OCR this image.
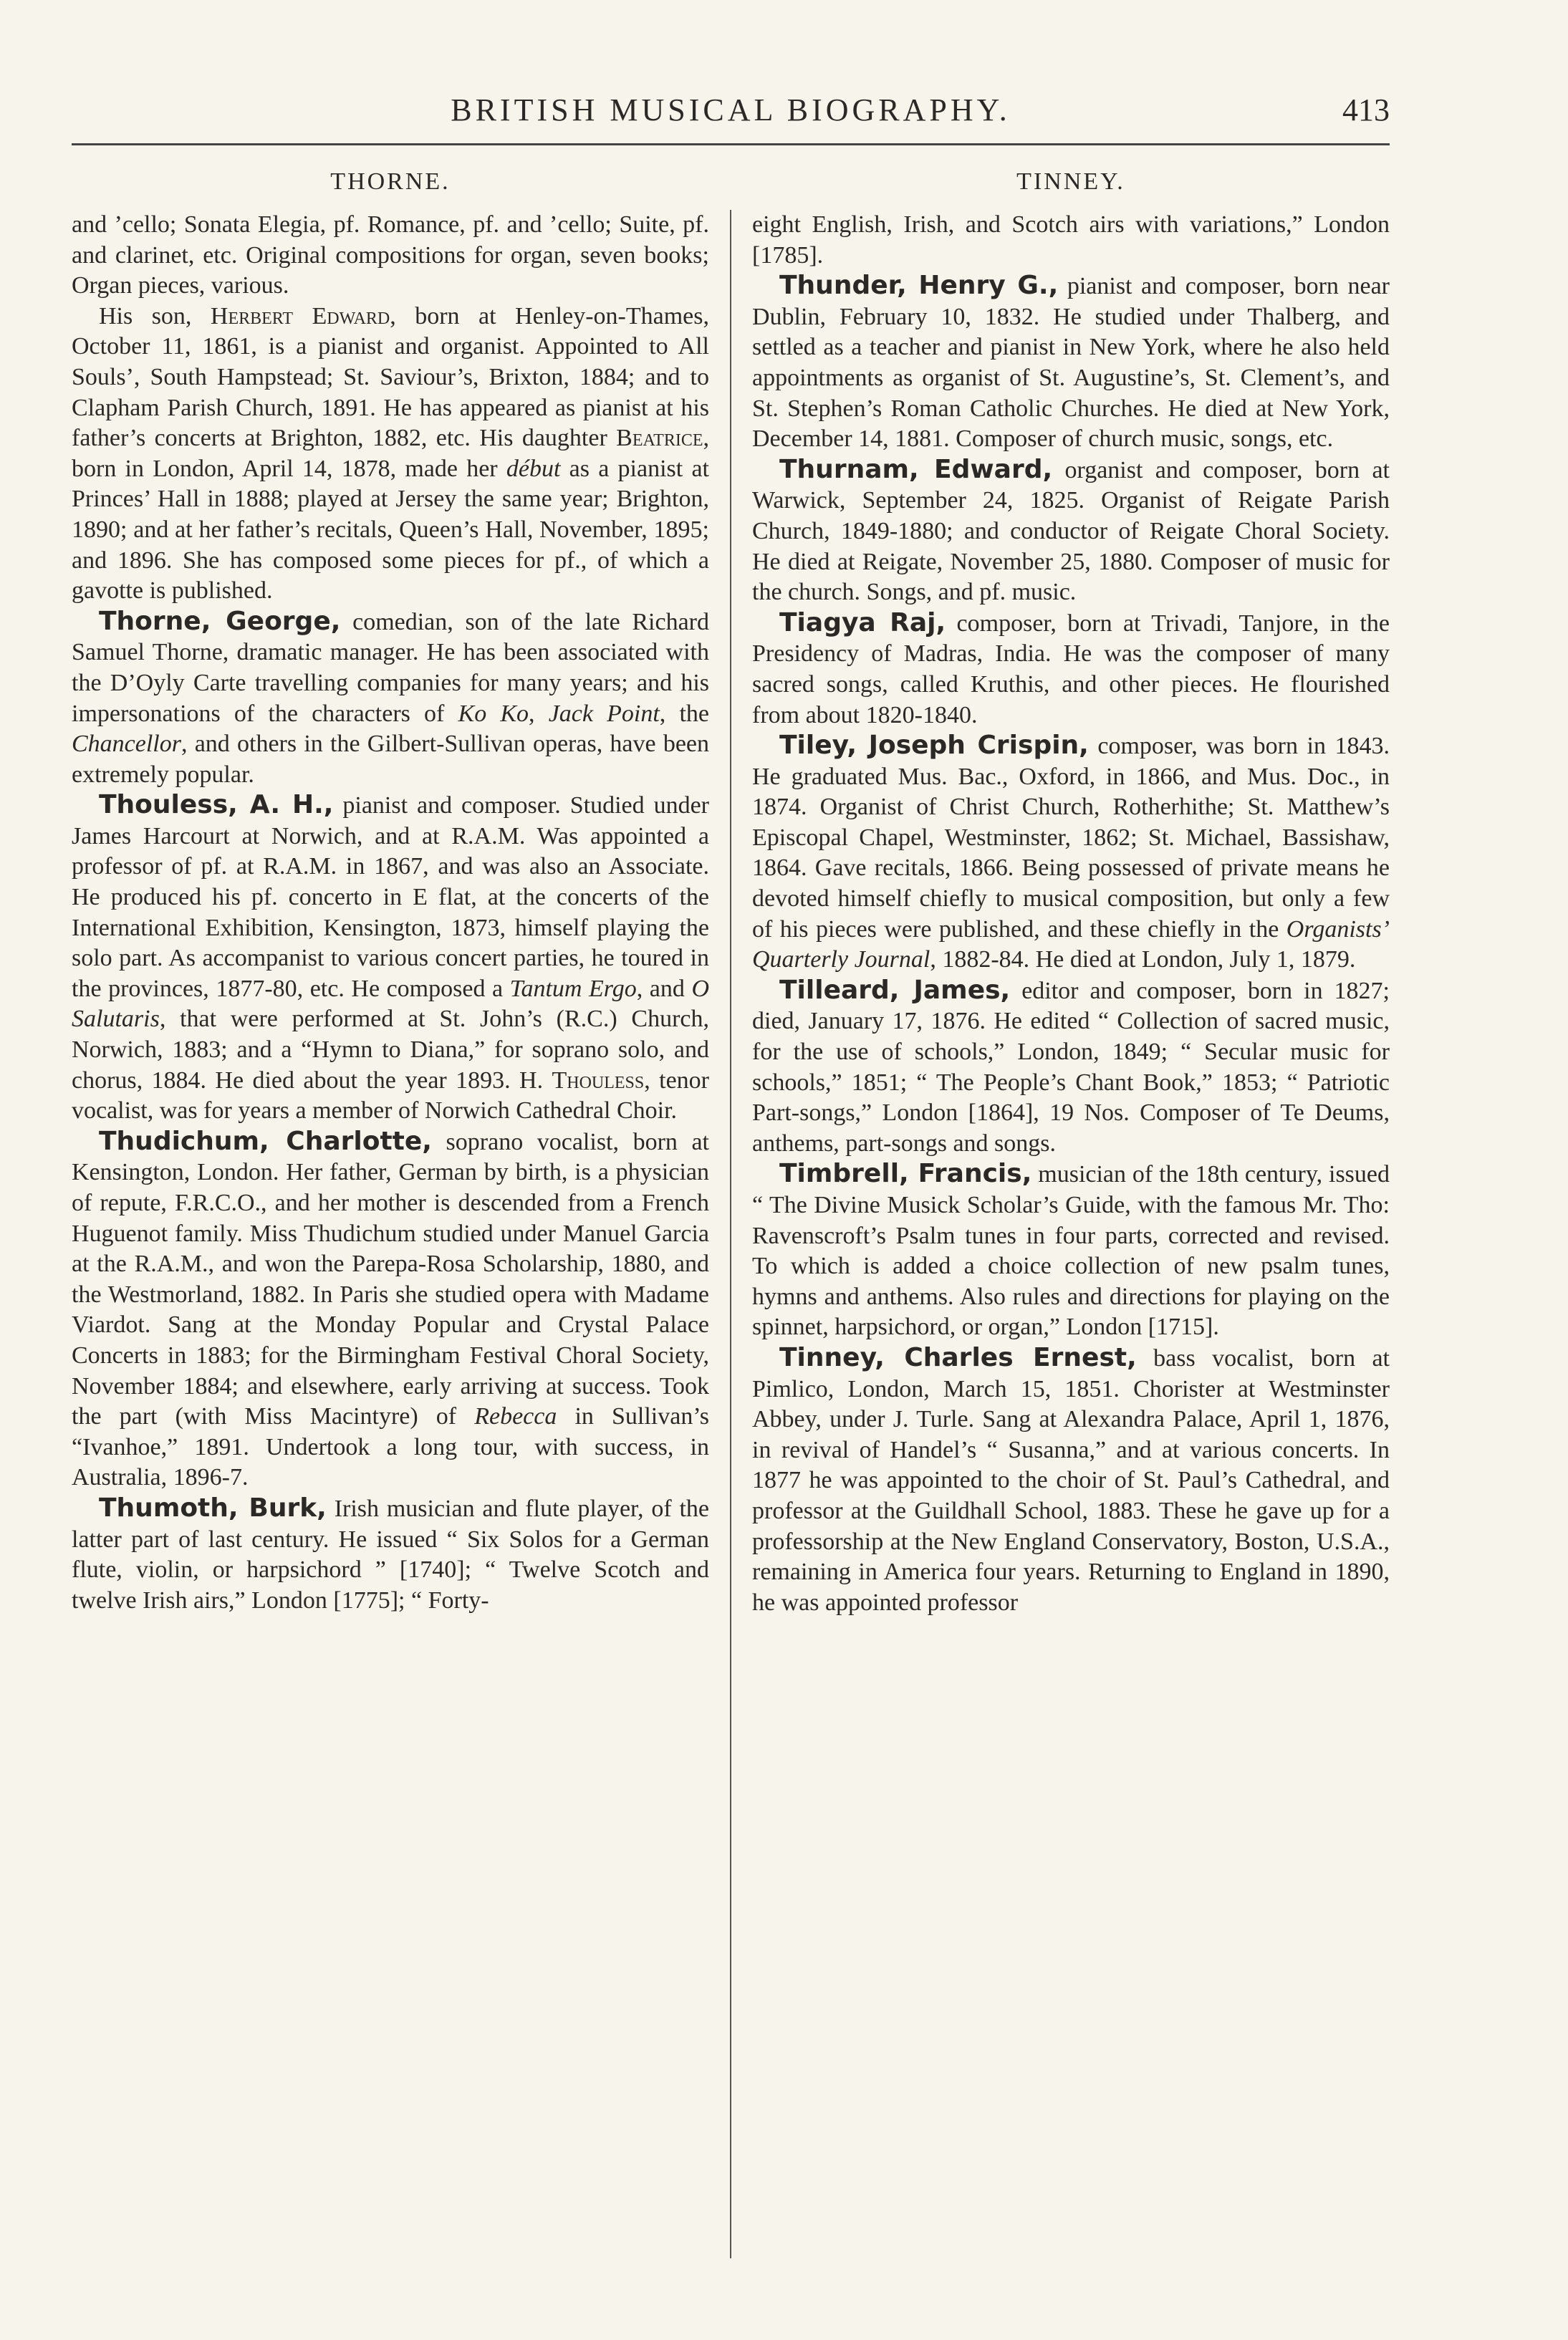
BRITISH MUSICAL BIOGRAPHY.	413
THORNE.

and ’cello; Sonata Elegia, pf. Romance, pf. and ’cello; Suite, pf. and clarinet, etc. Original compositions for organ, seven books; Organ pieces, various.

His son, Herbert Edward, born at Henley-on-Thames, October 11, 1861, is a pianist and organist. Appointed to All Souls’, South Hampstead; St. Saviour’s, Brixton, 1884; and to Clapham Parish Church, 1891. He has appeared as pianist at his father’s concerts at Brighton, 1882, etc. His daughter Beatrice, born in London, April 14, 1878, made her début as a pianist at Princes’ Hall in 1888; played at Jersey the same year; Brighton, 1890; and at her father’s recitals, Queen’s Hall, November, 1895; and 1896. She has composed some pieces for pf., of which a gavotte is published.

Thorne, George, comedian, son of the late Richard Samuel Thorne, dramatic manager. He has been associated with the D’Oyly Carte travelling companies for many years; and his impersonations of the characters of Ko Ko, Jack Point, the Chancellor, and others in the Gilbert-Sullivan operas, have been extremely popular.

Thouless, A. H., pianist and composer. Studied under James Harcourt at Norwich, and at R.A.M. Was appointed a professor of pf. at R.A.M. in 1867, and was also an Associate. He produced his pf. concerto in E flat, at the concerts of the International Exhibition, Kensington, 1873, himself playing the solo part. As accompanist to various concert parties, he toured in the provinces, 1877-80, etc. He composed a Tantum Ergo, and O Salutaris, that were performed at St. John’s (R.C.) Church, Norwich, 1883; and a “Hymn to Diana,” for soprano solo, and chorus, 1884. He died about the year 1893. H. Thouless, tenor vocalist, was for years a member of Norwich Cathedral Choir.

Thudichum, Charlotte, soprano vocalist, born at Kensington, London. Her father, German by birth, is a physician of repute, F.R.C.O., and her mother is descended from a French Huguenot family. Miss Thudichum studied under Manuel Garcia at the R.A.M., and won the Parepa-Rosa Scholarship, 1880, and the Westmorland, 1882. In Paris she studied opera with Madame Viardot. Sang at the Monday Popular and Crystal Palace Concerts in 1883; for the Birmingham Festival Choral Society, November 1884; and elsewhere, early arriving at success. Took the part (with Miss Macintyre) of Rebecca in Sullivan’s “Ivanhoe,” 1891. Undertook a long tour, with success, in Australia, 1896-7.

Thumoth, Burk, Irish musician and flute player, of the latter part of last century. He issued “ Six Solos for a German flute, violin, or harpsichord ” [1740]; “ Twelve Scotch and twelve Irish airs,” London [1775]; “ Forty-

TINNEY.

eight English, Irish, and Scotch airs with variations,” London [1785].

Thunder, Henry G., pianist and composer, born near Dublin, February 10, 1832. He studied under Thalberg, and settled as a teacher and pianist in New York, where he also held appointments as organist of St. Augustine’s, St. Clement’s, and St. Stephen’s Roman Catholic Churches. He died at New York, December 14, 1881. Composer of church music, songs, etc.

Thurnam, Edward, organist and composer, born at Warwick, September 24, 1825. Organist of Reigate Parish Church, 1849-1880; and conductor of Reigate Choral Society. He died at Reigate, November 25, 1880. Composer of music for the church. Songs, and pf. music.

Tiagya Raj, composer, born at Trivadi, Tanjore, in the Presidency of Madras, India. He was the composer of many sacred songs, called Kruthis, and other pieces. He flourished from about 1820-1840.

Tiley, Joseph Crispin, composer, was born in 1843. He graduated Mus. Bac., Oxford, in 1866, and Mus. Doc., in 1874. Organist of Christ Church, Rotherhithe; St. Matthew’s Episcopal Chapel, Westminster, 1862; St. Michael, Bassishaw, 1864. Gave recitals, 1866. Being possessed of private means he devoted himself chiefly to musical composition, but only a few of his pieces were published, and these chiefly in the Organists’ Quarterly Journal, 1882-84. He died at London, July 1, 1879.

Tilleard, James, editor and composer, born in 1827; died, January 17, 1876. He edited “ Collection of sacred music, for the use of schools,” London, 1849; “ Secular music for schools,” 1851; “ The People’s Chant Book,” 1853; “ Patriotic Part-songs,” London [1864], 19 Nos. Composer of Te Deums, anthems, part-songs and songs.

Timbrell, Francis, musician of the 18th century, issued “ The Divine Musick Scholar’s Guide, with the famous Mr. Tho: Ravenscroft’s Psalm tunes in four parts, corrected and revised. To which is added a choice collection of new psalm tunes, hymns and anthems. Also rules and directions for playing on the spinnet, harpsichord, or organ,” London [1715].

Tinney, Charles Ernest, bass vocalist, born at Pimlico, London, March 15, 1851. Chorister at Westminster Abbey, under J. Turle. Sang at Alexandra Palace, April 1, 1876, in revival of Handel’s “ Susanna,” and at various concerts. In 1877 he was appointed to the choir of St. Paul’s Cathedral, and professor at the Guildhall School, 1883. These he gave up for a professorship at the New England Conservatory, Boston, U.S.A., remaining in America four years. Returning to England in 1890, he was appointed professor
